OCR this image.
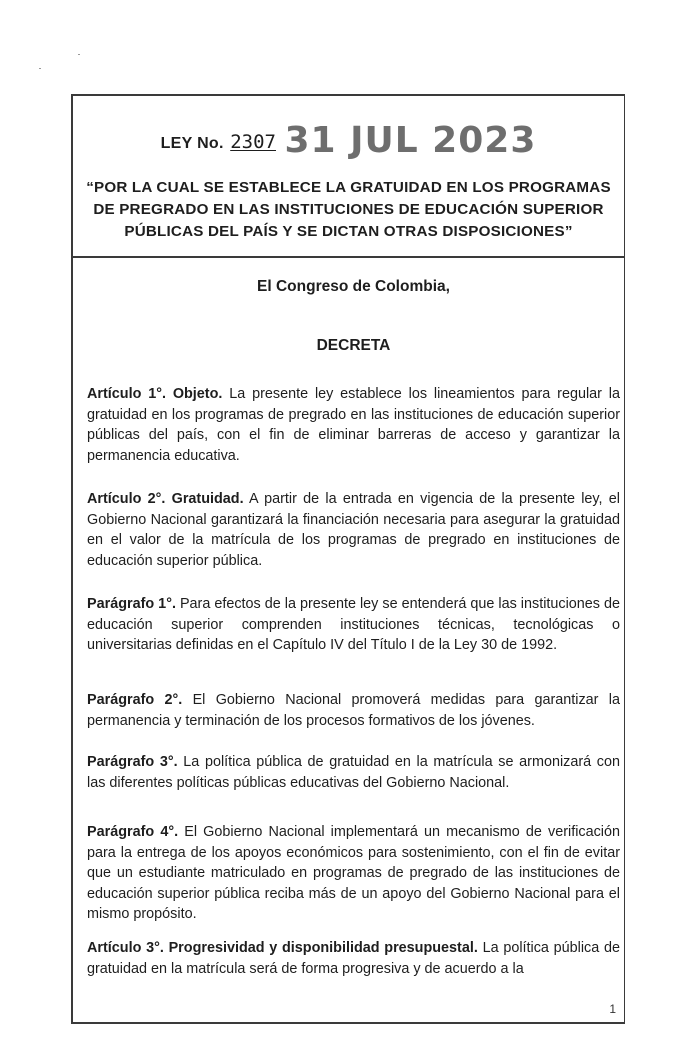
LEY No. 2307 31 JUL 2023
“POR LA CUAL SE ESTABLECE LA GRATUIDAD EN LOS PROGRAMAS DE PREGRADO EN LAS INSTITUCIONES DE EDUCACIÓN SUPERIOR PÚBLICAS DEL PAÍS Y SE DICTAN OTRAS DISPOSICIONES”
El Congreso de Colombia,
DECRETA
Artículo 1°. Objeto. La presente ley establece los lineamientos para regular la gratuidad en los programas de pregrado en las instituciones de educación superior públicas del país, con el fin de eliminar barreras de acceso y garantizar la permanencia educativa.
Artículo 2°. Gratuidad. A partir de la entrada en vigencia de la presente ley, el Gobierno Nacional garantizará la financiación necesaria para asegurar la gratuidad en el valor de la matrícula de los programas de pregrado en instituciones de educación superior pública.
Parágrafo 1°. Para efectos de la presente ley se entenderá que las instituciones de educación superior comprenden instituciones técnicas, tecnológicas o universitarias definidas en el Capítulo IV del Título I de la Ley 30 de 1992.
Parágrafo 2°. El Gobierno Nacional promoverá medidas para garantizar la permanencia y terminación de los procesos formativos de los jóvenes.
Parágrafo 3°. La política pública de gratuidad en la matrícula se armonizará con las diferentes políticas públicas educativas del Gobierno Nacional.
Parágrafo 4°. El Gobierno Nacional implementará un mecanismo de verificación para la entrega de los apoyos económicos para sostenimiento, con el fin de evitar que un estudiante matriculado en programas de pregrado de las instituciones de educación superior pública reciba más de un apoyo del Gobierno Nacional para el mismo propósito.
Artículo 3°. Progresividad y disponibilidad presupuestal. La política pública de gratuidad en la matrícula será de forma progresiva y de acuerdo a la
1
